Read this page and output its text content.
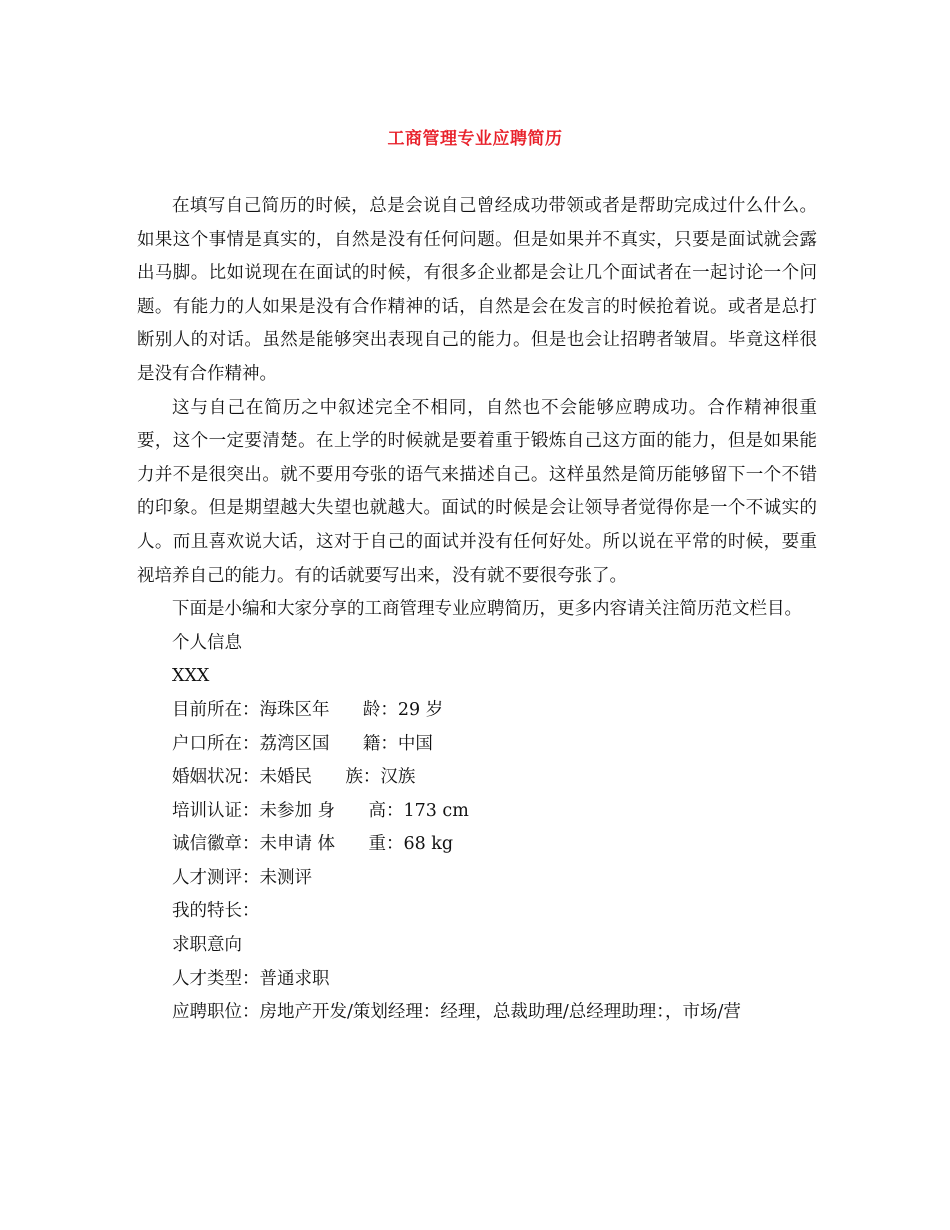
工商管理专业应聘简历

在填写自己简历的时候，总是会说自己曾经成功带领或者是帮助完成过什么什么。如果这个事情是真实的，自然是没有任何问题。但是如果并不真实，只要是面试就会露出马脚。比如说现在在面试的时候，有很多企业都是会让几个面试者在一起讨论一个问题。有能力的人如果是没有合作精神的话，自然是会在发言的时候抢着说。或者是总打断别人的对话。虽然是能够突出表现自己的能力。但是也会让招聘者皱眉。毕竟这样很是没有合作精神。

这与自己在简历之中叙述完全不相同，自然也不会能够应聘成功。合作精神很重要，这个一定要清楚。在上学的时候就是要着重于锻炼自己这方面的能力，但是如果能力并不是很突出。就不要用夸张的语气来描述自己。这样虽然是简历能够留下一个不错的印象。但是期望越大失望也就越大。面试的时候是会让领导者觉得你是一个不诚实的人。而且喜欢说大话，这对于自己的面试并没有任何好处。所以说在平常的时候，要重视培养自己的能力。有的话就要写出来，没有就不要很夸张了。

下面是小编和大家分享的工商管理专业应聘简历，更多内容请关注简历范文栏目。

个人信息

XXX

目前所在：海珠区年      龄：29 岁

户口所在：荔湾区国      籍：中国

婚姻状况：未婚民      族：汉族

培训认证：未参加 身      高：173 cm

诚信徽章：未申请 体      重：68 kg

人才测评：未测评

我的特长：

求职意向

人才类型：普通求职

应聘职位：房地产开发/策划经理：经理，总裁助理/总经理助理：，市场/营
